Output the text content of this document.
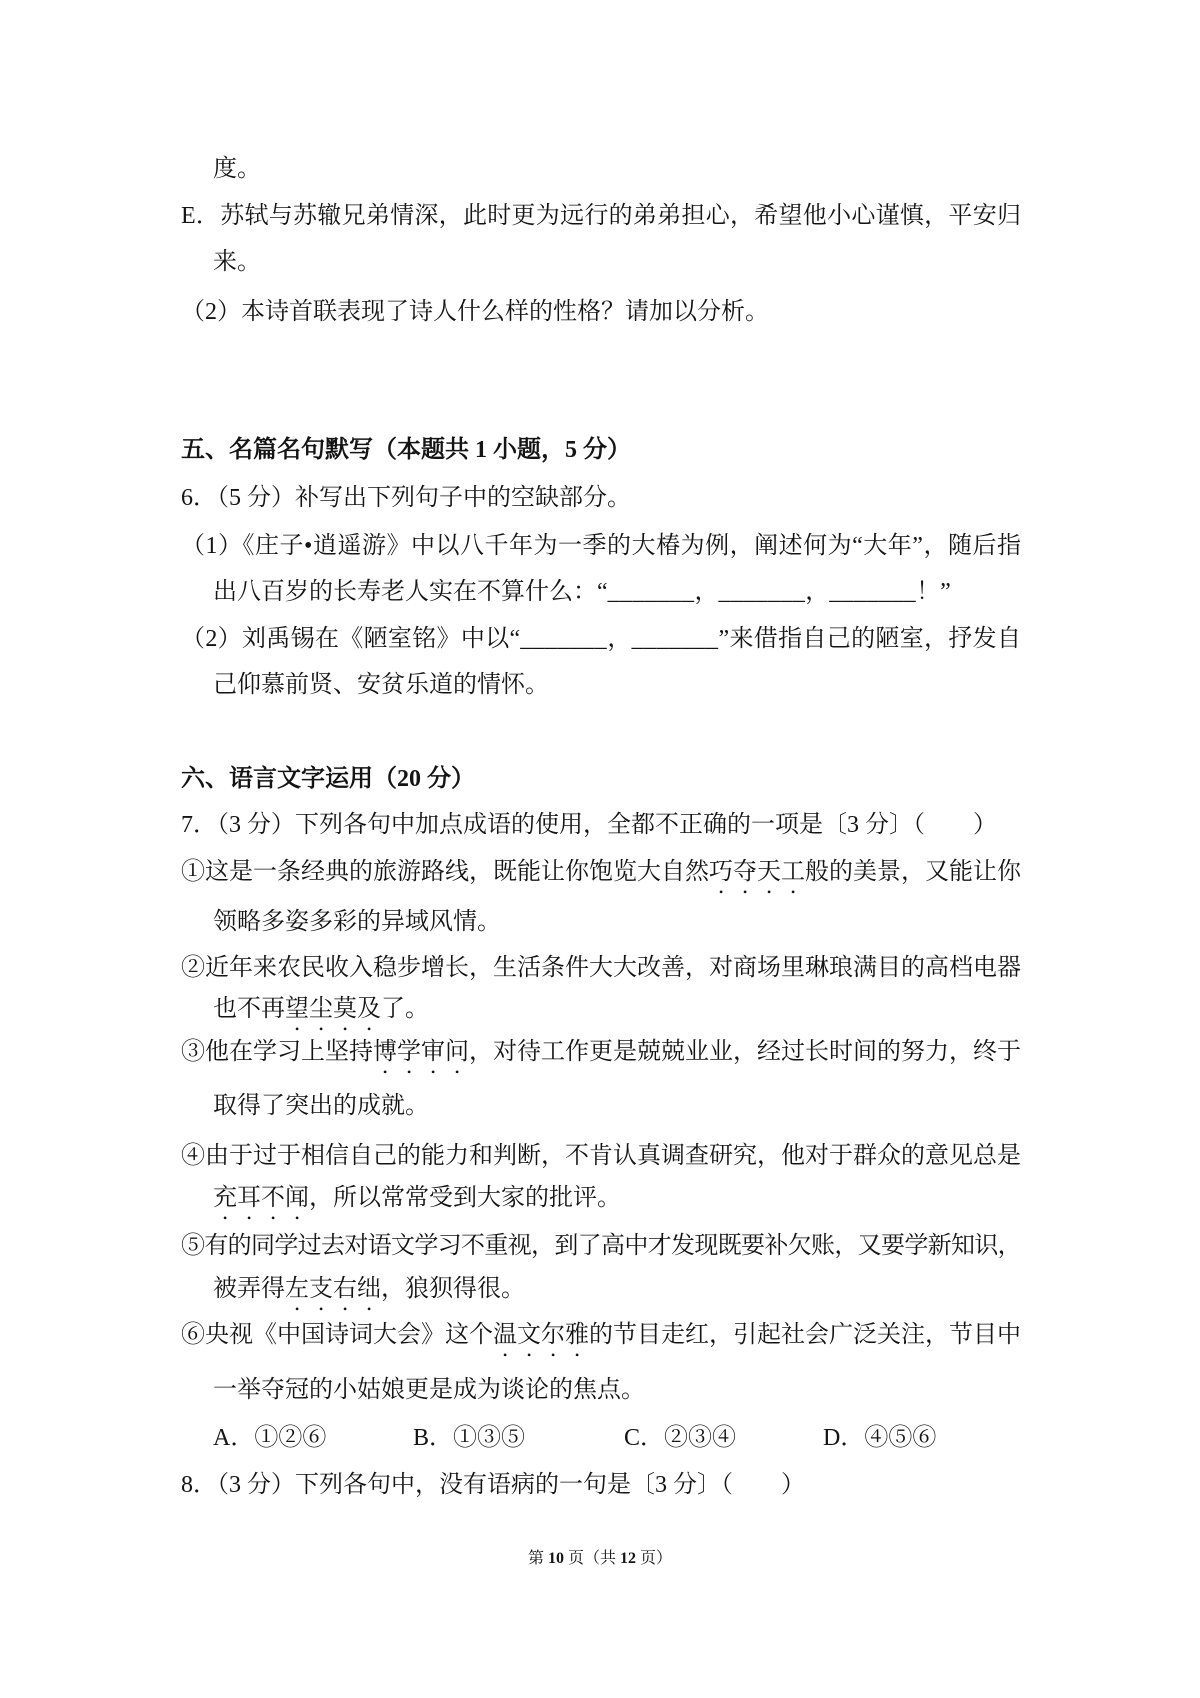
度。
E．苏轼与苏辙兄弟情深，此时更为远行的弟弟担心，希望他小心谨慎，平安归
来。
（2）本诗首联表现了诗人什么样的性格？请加以分析。
五、名篇名句默写（本题共 1 小题，5 分）
6．（5 分）补写出下列句子中的空缺部分。
（1）《庄子•逍遥游》中以八千年为一季的大椿为例，阐述何为“大年”，随后指
出八百岁的长寿老人实在不算什么：“_______，_______，_______！”
（2）刘禹锡在《陋室铭》中以“_______，_______”来借指自己的陋室，抒发自
己仰慕前贤、安贫乐道的情怀。
六、语言文字运用（20 分）
7．（3 分）下列各句中加点成语的使用，全都不正确的一项是〔3 分〕（　　）
①这是一条经典的旅游路线，既能让你饱览大自然巧夺天工般的美景，又能让你
领略多姿多彩的异域风情。
②近年来农民收入稳步增长，生活条件大大改善，对商场里琳琅满目的高档电器
也不再望尘莫及了。
③他在学习上坚持博学审问，对待工作更是兢兢业业，经过长时间的努力，终于
取得了突出的成就。
④由于过于相信自己的能力和判断，不肯认真调查研究，他对于群众的意见总是
充耳不闻，所以常常受到大家的批评。
⑤有的同学过去对语文学习不重视，到了高中才发现既要补欠账，又要学新知识，
被弄得左支右绌，狼狈得很。
⑥央视《中国诗词大会》这个温文尔雅的节目走红，引起社会广泛关注，节目中
一举夺冠的小姑娘更是成为谈论的焦点。
A．①②⑥	B．①③⑤	C．②③④	D．④⑤⑥
8．（3 分）下列各句中，没有语病的一句是〔3 分〕（　　）
第 10 页（共 12 页）
